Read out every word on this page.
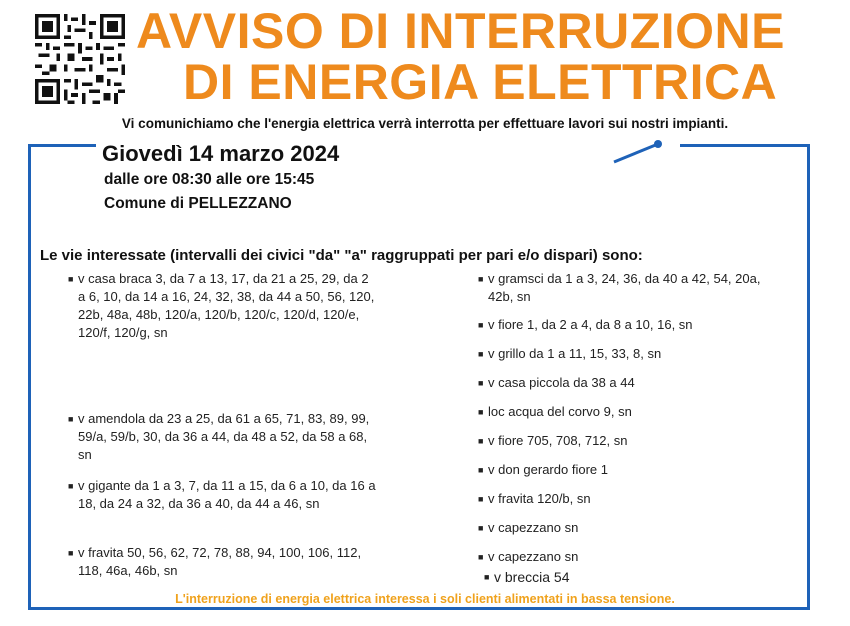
AVVISO DI INTERRUZIONE
DI ENERGIA ELETTRICA
Vi comunichiamo che l'energia elettrica verrà interrotta per effettuare lavori sui nostri impianti.
Giovedì 14 marzo 2024
dalle ore 08:30 alle ore 15:45
Comune di PELLEZZANO
Le vie interessate (intervalli dei civici "da" "a" raggruppati per pari e/o dispari) sono:
■ v casa braca 3, da 7 a 13, 17, da 21 a 25, 29, da 2 a 6, 10, da 14 a 16, 24, 32, 38, da 44 a 50, 56, 120, 22b, 48a, 48b, 120/a, 120/b, 120/c, 120/d, 120/e, 120/f, 120/g, sn
■ v amendola da 23 a 25, da 61 a 65, 71, 83, 89, 99, 59/a, 59/b, 30, da 36 a 44, da 48 a 52, da 58 a 68, sn
■ v gigante da 1 a 3, 7, da 11 a 15, da 6 a 10, da 16 a 18, da 24 a 32, da 36 a 40, da 44 a 46, sn
■ v fravita 50, 56, 62, 72, 78, 88, 94, 100, 106, 112, 118, 46a, 46b, sn
■ v gramsci da 1 a 3, 24, 36, da 40 a 42, 54, 20a, 42b, sn
■ v fiore 1, da 2 a 4, da 8 a 10, 16, sn
■ v grillo da 1 a 11, 15, 33, 8, sn
■ v casa piccola da 38 a 44
■ loc acqua del corvo 9, sn
■ v fiore 705, 708, 712, sn
■ v don gerardo fiore 1
■ v fravita 120/b, sn
■ v capezzano sn
■ v capezzano sn
■ v breccia 54
L'interruzione di energia elettrica interessa i soli clienti alimentati in bassa tensione.
